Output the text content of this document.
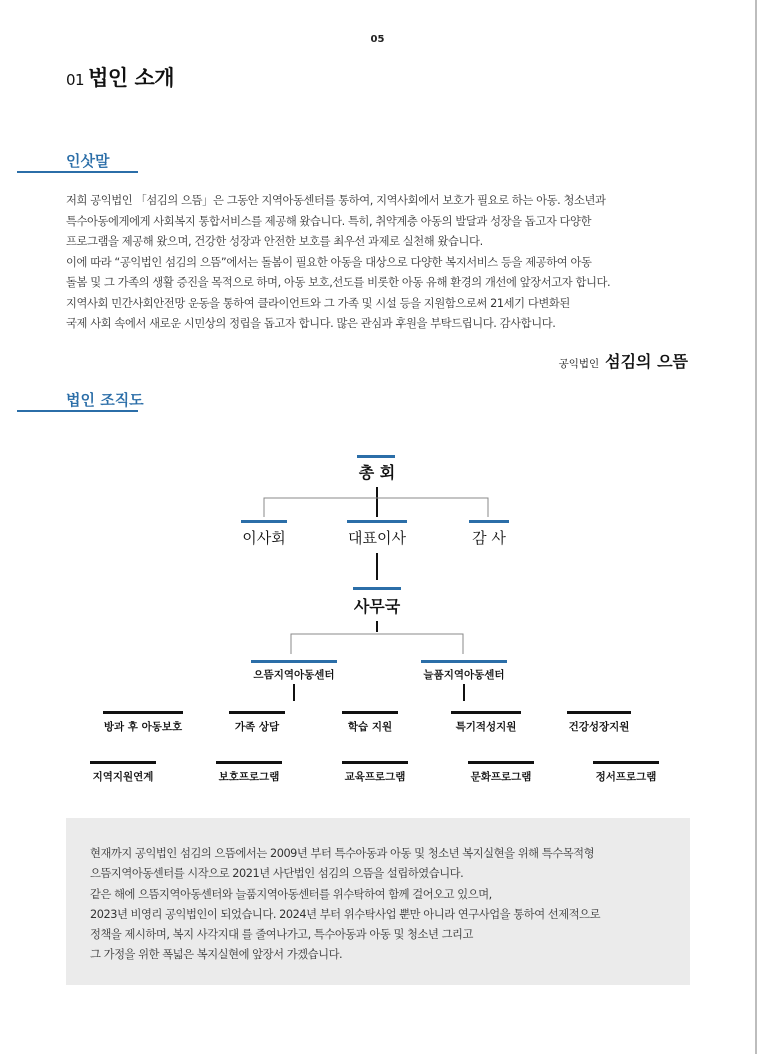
05
01 법인 소개
인삿말

저희 공익법인 「섬김의 으뜸」은 그동안 지역아동센터를 통하여, 지역사회에서 보호가 필요로 하는 아동. 청소년과
특수아동에게에게 사회복지 통합서비스를 제공해 왔습니다. 특히, 취약계층 아동의 발달과 성장을 돕고자 다양한
프로그램을 제공해 왔으며, 건강한 성장과 안전한 보호를 최우선 과제로 실천해 왔습니다.
이에 따라 “공익법인 섬김의 으뜸”에서는 돌봄이 필요한 아동을 대상으로 다양한 복지서비스 등을 제공하여 아동
돌봄 및 그 가족의 생활 증진을 목적으로 하며, 아동 보호,선도를 비롯한 아동 유해 환경의 개선에 앞장서고자 합니다.
지역사회 민간사회안전망 운동을 통하여 클라이언트와 그 가족 및 시설 등을 지원함으로써 21세기 다변화된
국제 사회 속에서 새로운 시민상의 정립을 돕고자 합니다. 많은 관심과 후원을 부탁드립니다. 감사합니다.

공익법인 섬김의 으뜸
법인 조직도
총 회
이사회	대표이사	감 사
사무국
으뜸지역아동센터	늘품지역아동센터
방과 후 아동보호	가족 상담	학습 지원	특기적성지원	건강성장지원
지역지원연계	보호프로그램	교육프로그램	문화프로그램	정서프로그램

현재까지 공익법인 섬김의 으뜸에서는 2009년 부터 특수아동과 아동 및 청소년 복지실현을 위해 특수목적형
으뜸지역아동센터를 시작으로 2021년 사단법인 섬김의 으뜸을 설립하였습니다.
같은 해에 으뜸지역아동센터와 늘품지역아동센터를 위수탁하여 함께 걸어오고 있으며,
2023년 비영리 공익법인이 되었습니다. 2024년 부터 위수탁사업 뿐만 아니라 연구사업을 통하여 선제적으로
정책을 제시하며, 복지 사각지대 를 줄여나가고, 특수아동과 아동 및 청소년 그리고
그 가정을 위한 폭넓은 복지실현에 앞장서 가겠습니다.
